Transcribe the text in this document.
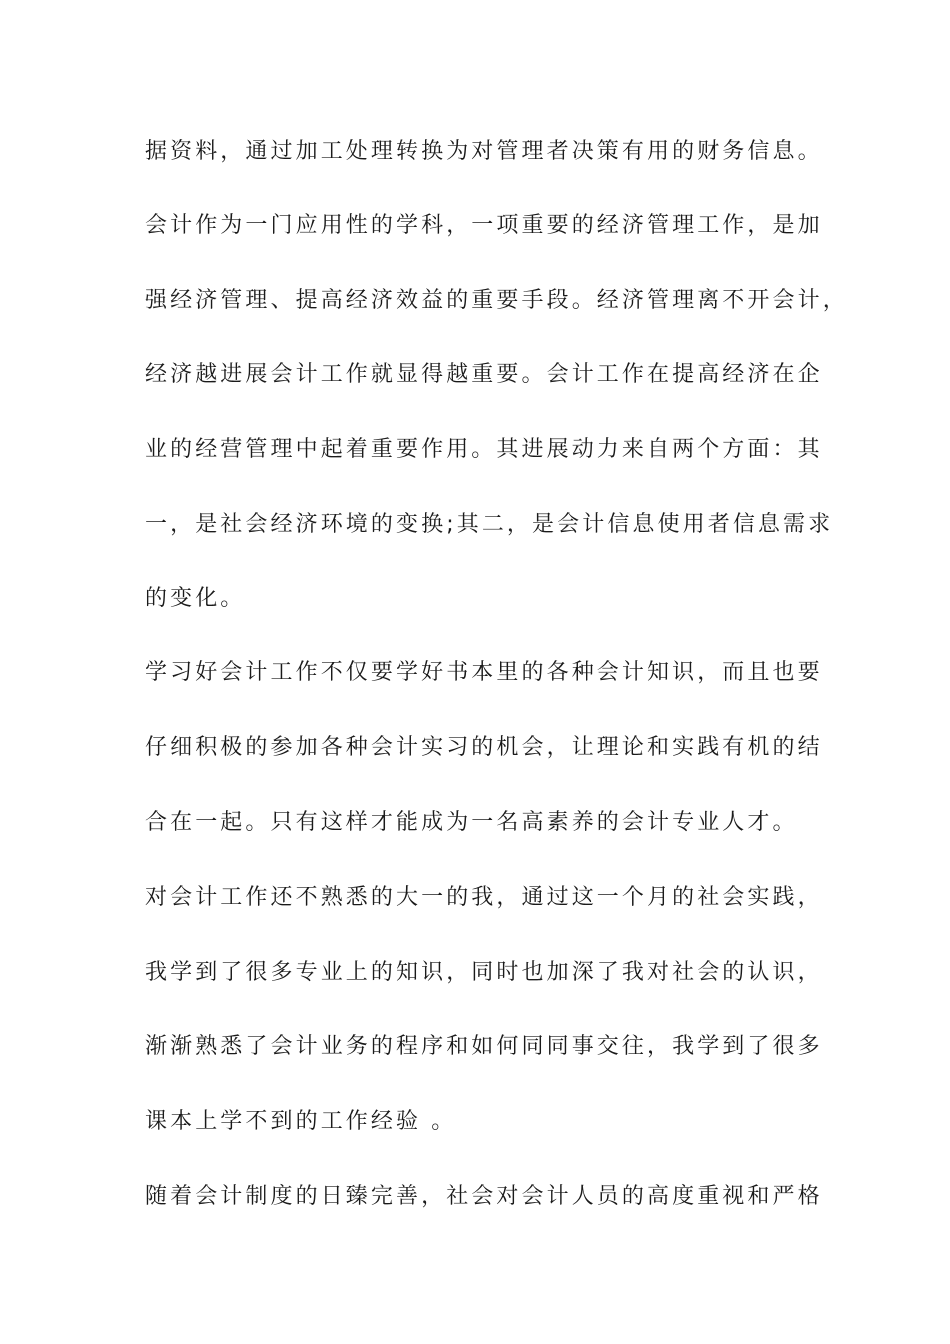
据资料，通过加工处理转换为对管理者决策有用的财务信息。
会计作为一门应用性的学科，一项重要的经济管理工作，是加
强经济管理、提高经济效益的重要手段。经济管理离不开会计，
经济越进展会计工作就显得越重要。会计工作在提高经济在企
业的经营管理中起着重要作用。其进展动力来自两个方面：其
一，是社会经济环境的变换;其二，是会计信息使用者信息需求
的变化。
学习好会计工作不仅要学好书本里的各种会计知识，而且也要
仔细积极的参加各种会计实习的机会，让理论和实践有机的结
合在一起。只有这样才能成为一名高素养的会计专业人才。
对会计工作还不熟悉的大一的我，通过这一个月的社会实践，
我学到了很多专业上的知识，同时也加深了我对社会的认识，
渐渐熟悉了会计业务的程序和如何同同事交往，我学到了很多
课本上学不到的工作经验 。
随着会计制度的日臻完善，社会对会计人员的高度重视和严格
